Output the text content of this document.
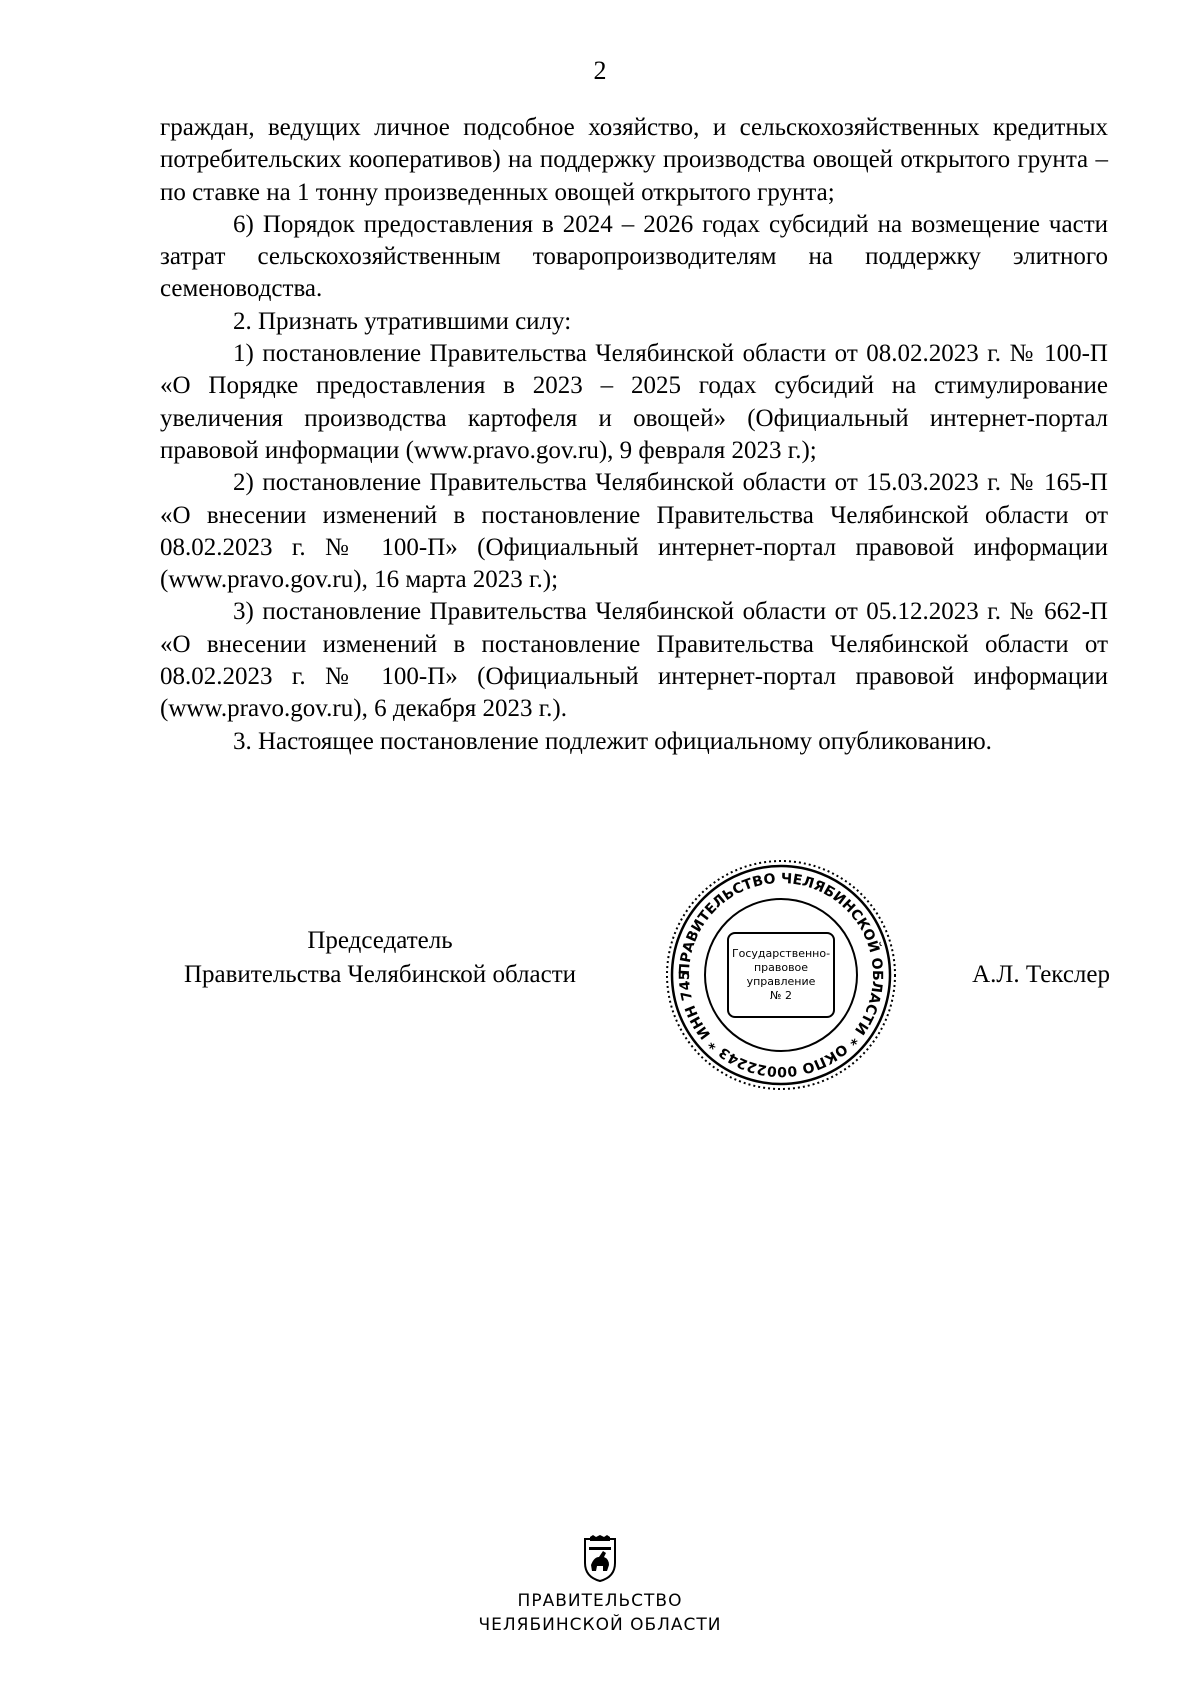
2

граждан, ведущих личное подсобное хозяйство, и сельскохозяйственных кредитных потребительских кооперативов) на поддержку производства овощей открытого грунта – по ставке на 1 тонну произведенных овощей открытого грунта;

6) Порядок предоставления в 2024 – 2026 годах субсидий на возмещение части затрат сельскохозяйственным товаропроизводителям на поддержку элитного семеноводства.

2. Признать утратившими силу:

1) постановление Правительства Челябинской области от 08.02.2023 г. № 100-П «О Порядке предоставления в 2023 – 2025 годах субсидий на стимулирование увеличения производства картофеля и овощей» (Официальный интернет-портал правовой информации (www.pravo.gov.ru), 9 февраля 2023 г.);

2) постановление Правительства Челябинской области от 15.03.2023 г. № 165-П «О внесении изменений в постановление Правительства Челябинской области от 08.02.2023 г. № 100-П» (Официальный интернет-портал правовой информации (www.pravo.gov.ru), 16 марта 2023 г.);

3) постановление Правительства Челябинской области от 05.12.2023 г. № 662-П «О внесении изменений в постановление Правительства Челябинской области от 08.02.2023 г. № 100-П» (Официальный интернет-портал правовой информации (www.pravo.gov.ru), 6 декабря 2023 г.).

3. Настоящее постановление подлежит официальному опубликованию.

Председатель
Правительства Челябинской области	ПРАВИТЕЛЬСТВО ЧЕЛЯБИНСКОЙ ОБЛАСТИ * ОКПО 00022243 * ИНН 745
Государственно-
правовое
управление
№ 2
А.Л. Текслер
ПРАВИТЕЛЬСТВО
ЧЕЛЯБИНСКОЙ ОБЛАСТИ
